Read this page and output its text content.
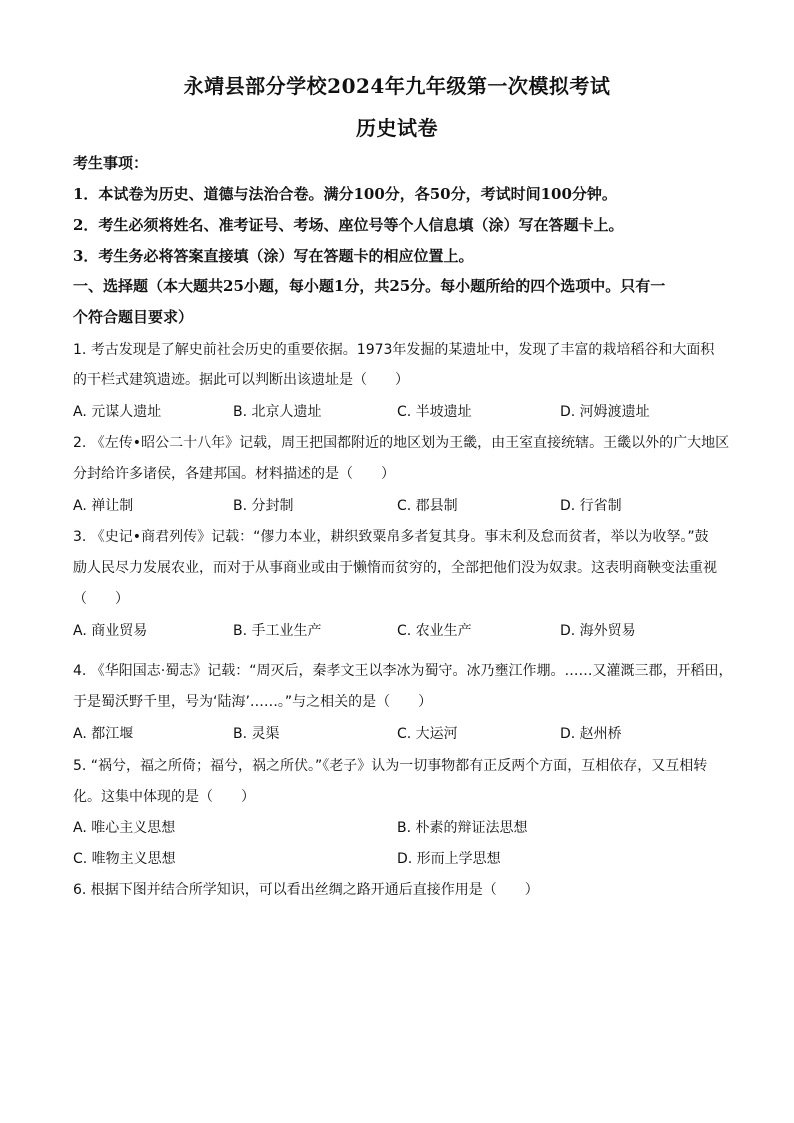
永靖县部分学校2024年九年级第一次模拟考试
历史试卷
考生事项：
1．本试卷为历史、道德与法治合卷。满分100分，各50分，考试时间100分钟。
2．考生必须将姓名、准考证号、考场、座位号等个人信息填（涂）写在答题卡上。
3．考生务必将答案直接填（涂）写在答题卡的相应位置上。
一、选择题（本大题共25小题，每小题1分，共25分。每小题所给的四个选项中。只有一
个符合题目要求）
1. 考古发现是了解史前社会历史的重要依据。1973年发掘的某遗址中，发现了丰富的栽培稻谷和大面积
的干栏式建筑遗迹。据此可以判断出该遗址是（　　）
A. 元谋人遗址	B. 北京人遗址	C. 半坡遗址	D. 河姆渡遗址
2. 《左传•昭公二十八年》记载，周王把国都附近的地区划为王畿，由王室直接统辖。王畿以外的广大地区
分封给许多诸侯，各建邦国。材料描述的是（　　）
A. 禅让制	B. 分封制	C. 郡县制	D. 行省制
3. 《史记•商君列传》记载：“僇力本业，耕织致粟帛多者复其身。事末利及怠而贫者，举以为收孥。”鼓
励人民尽力发展农业，而对于从事商业或由于懒惰而贫穷的，全部把他们没为奴隶。这表明商鞅变法重视
（　　）
A. 商业贸易	B. 手工业生产	C. 农业生产	D. 海外贸易
4. 《华阳国志·蜀志》记载：“周灭后，秦孝文王以李冰为蜀守。冰乃壅江作堋。……又灌溉三郡，开稻田，
于是蜀沃野千里，号为‘陆海’……。”与之相关的是（　　）
A. 都江堰	B. 灵渠	C. 大运河	D. 赵州桥
5. “祸兮，福之所倚；福兮，祸之所伏。”《老子》认为一切事物都有正反两个方面，互相依存，又互相转
化。这集中体现的是（　　）
A. 唯心主义思想	B. 朴素的辩证法思想
C. 唯物主义思想	D. 形而上学思想
6. 根据下图并结合所学知识，可以看出丝绸之路开通后直接作用是（　　）
